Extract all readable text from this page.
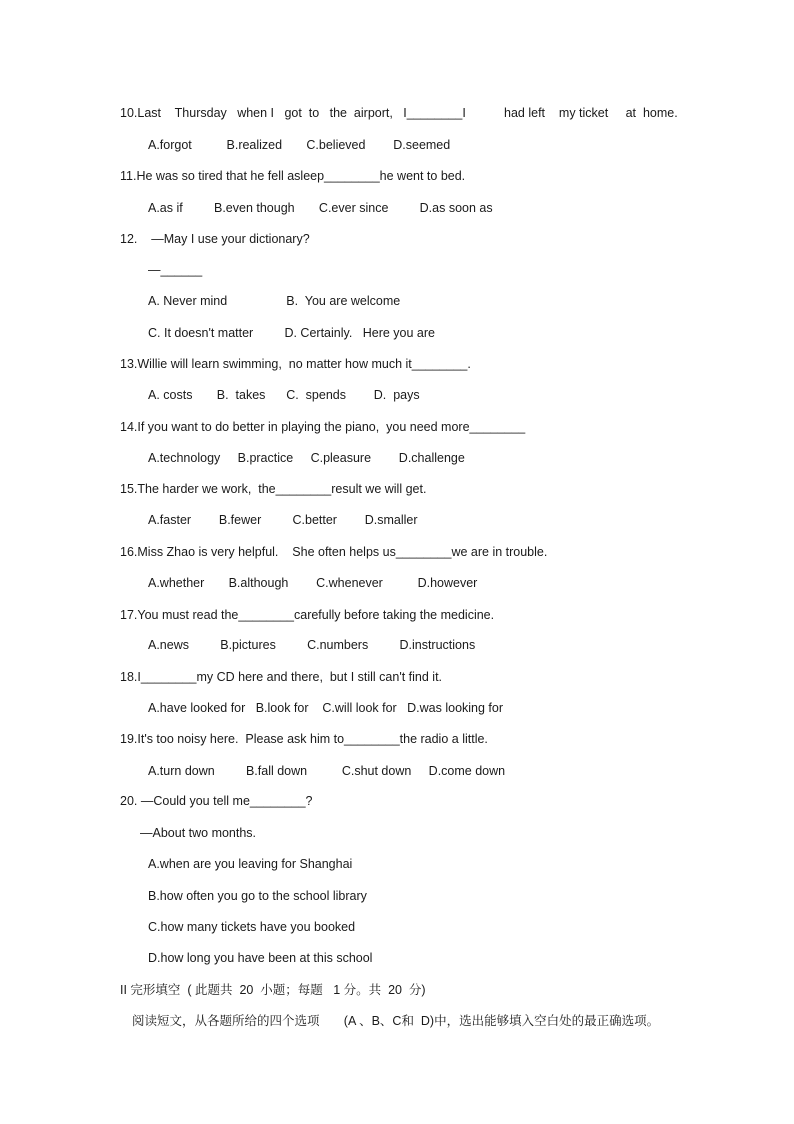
10.Last    Thursday   when I   got  to   the  airport,   I________I           had left    my ticket     at  home.
A.forgot          B.realized       C.believed        D.seemed
11.He was so tired that he fell asleep________he went to bed.
A.as if         B.even though       C.ever since         D.as soon as
12.    —May I use your dictionary?
—______
A. Never mind                 B.  You are welcome
C. It doesn't matter         D. Certainly.   Here you are
13.Willie will learn swimming,  no matter how much it________.
A. costs       B.  takes      C.  spends        D.  pays
14.If you want to do better in playing the piano,  you need more________
A.technology     B.practice     C.pleasure        D.challenge
15.The harder we work,  the________result we will get.
A.faster        B.fewer         C.better        D.smaller
16.Miss Zhao is very helpful.    She often helps us________we are in trouble.
A.whether       B.although        C.whenever          D.however
17.You must read the________carefully before taking the medicine.
A.news         B.pictures         C.numbers         D.instructions
18.I________my CD here and there,  but I still can't find it.
A.have looked for   B.look for    C.will look for   D.was looking for
19.It's too noisy here.  Please ask him to________the radio a little.
A.turn down         B.fall down          C.shut down     D.come down
20. —Could you tell me________?
—About two months.
A.when are you leaving for Shanghai
B.how often you go to the school library
C.how many tickets have you booked
D.how long you have been at this school
II 完形填空  ( 此题共  20  小题；每题   1 分。共  20  分)
阅读短文，从各题所给的四个选项       (A 、B、C和  D)中，选出能够填入空白处的最正确选项。
